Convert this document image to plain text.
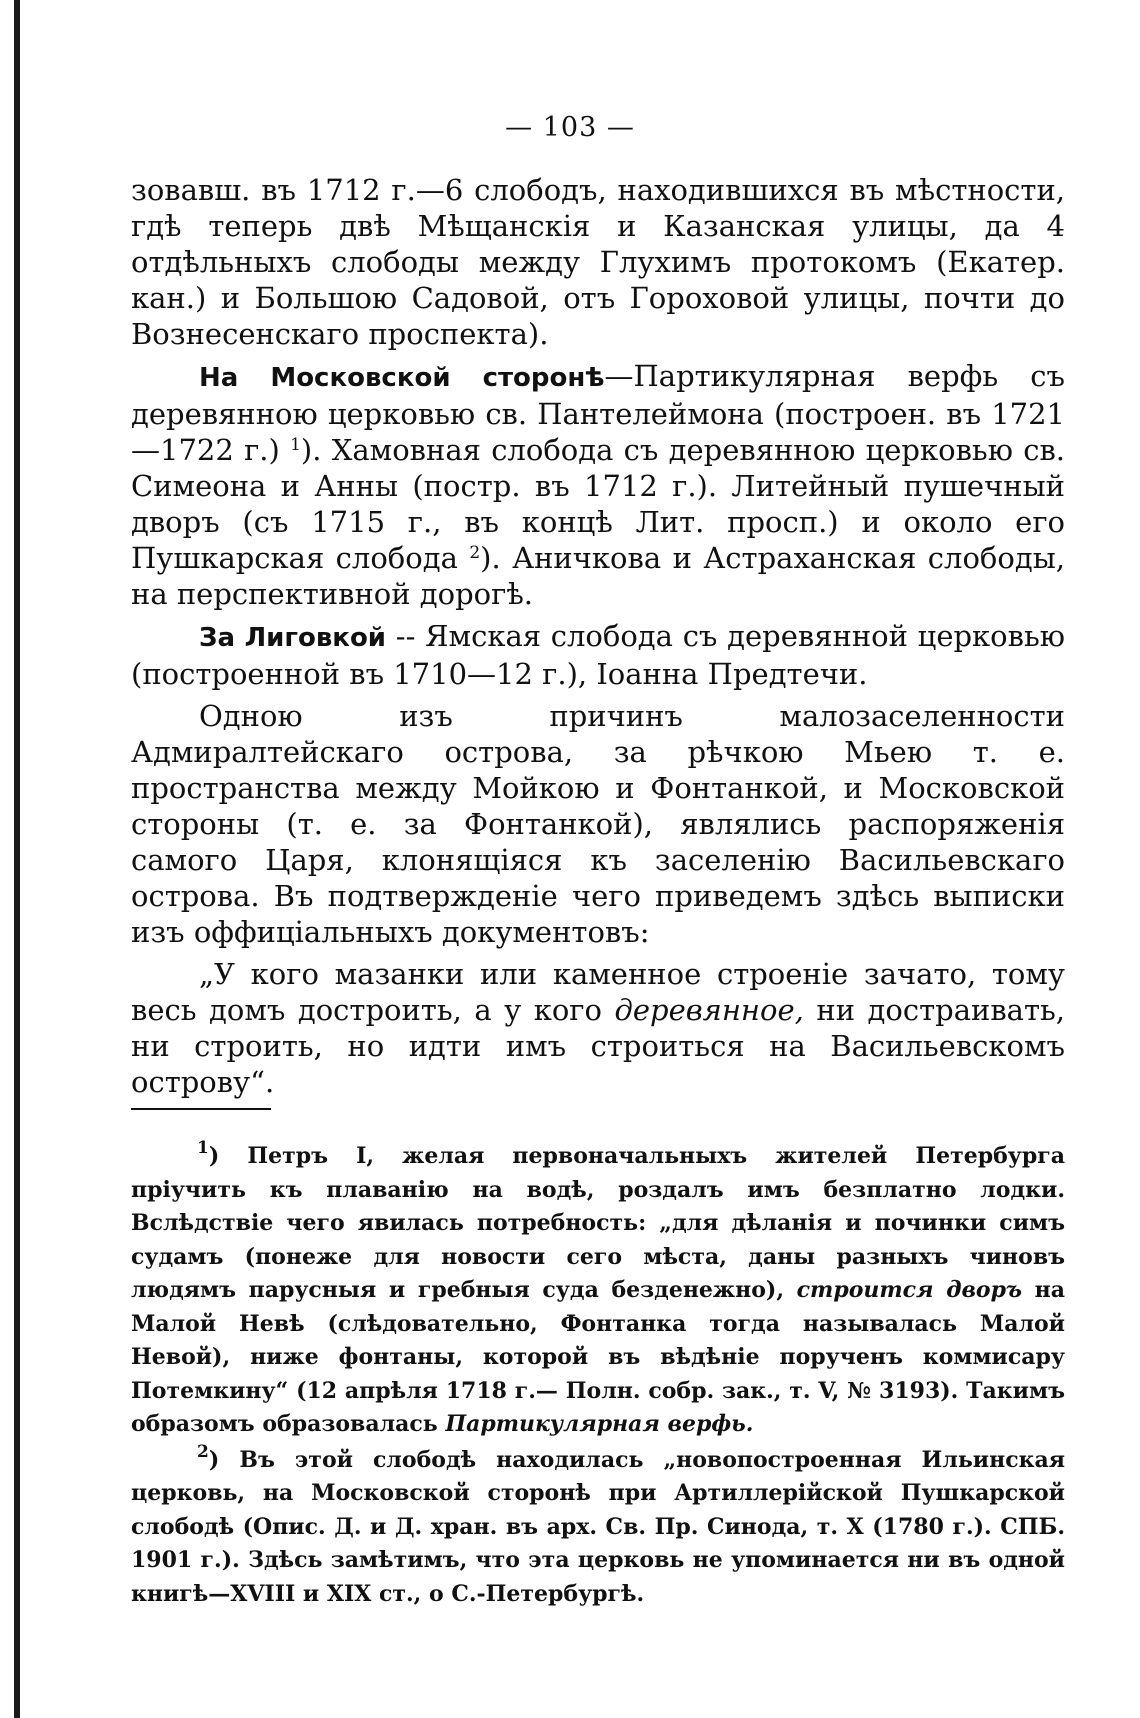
— 103 —

зовавш. въ 1712 г.—6 слободъ, находившихся въ мѣстности, гдѣ теперь двѣ Мѣщанскія и Казанская улицы, да 4 отдѣльныхъ слободы между Глухимъ протокомъ (Екатер. кан.) и Большою Садовой, отъ Гороховой улицы, почти до Вознесенскаго проспекта).

На Московской сторонѣ—Партикулярная верфь съ деревянною церковью св. Пантелеймона (построен. въ 1721—1722 г.) $^1$). Хамовная слобода съ деревянною церковью св. Симеона и Анны (постр. въ 1712 г.). Литейный пушечный дворъ (съ 1715 г., въ концѣ Лит. просп.) и около его Пушкарская слобода $^2$). Аничкова и Астраханская слободы, на перспективной дорогѣ.

За Лиговкой -- Ямская слобода съ деревянной церковью (построенной въ 1710—12 г.), Іоанна Предтечи.

Одною изъ причинъ малозаселенности Адмиралтейскаго острова, за рѣчкою Мьею т. е. пространства между Мойкою и Фонтанкой, и Московской стороны (т. е. за Фонтанкой), являлись распоряженія самого Царя, клонящіяся къ заселенію Васильевскаго острова. Въ подтвержденіе чего приведемъ здѣсь выписки изъ оффиціальныхъ документовъ:

„У кого мазанки или каменное строеніе зачато, тому весь домъ достроить, а у кого деревянное, ни достраивать, ни строить, но идти имъ строиться на Васильевскомъ острову“.

$^1$) Петръ I, желая первоначальныхъ жителей Петербурга пріучить къ плаванію на водѣ, роздалъ имъ безплатно лодки. Вслѣдствіе чего явилась потребность: „для дѣланія и починки симъ судамъ (понеже для новости сего мѣста, даны разныхъ чиновъ людямъ парусныя и гребныя суда безденежно), строится дворъ на Малой Невѣ (слѣдовательно, Фонтанка тогда называлась Малой Невой), ниже фонтаны, которой въ вѣдѣніе порученъ коммисару Потемкину“ (12 апрѣля 1718 г.— Полн. собр. зак., т. V, № 3193). Такимъ образомъ образовалась Партикулярная верфь.

$^2$) Въ этой слободѣ находилась „новопостроенная Ильинская церковь, на Московской сторонѣ при Артиллерійской Пушкарской слободѣ (Опис. Д. и Д. хран. въ арх. Св. Пр. Синода, т. X (1780 г.). СПБ. 1901 г.). Здѣсь замѣтимъ, что эта церковь не упоминается ни въ одной книгѣ—XVIII и XIX ст., о С.-Петербургѣ.
